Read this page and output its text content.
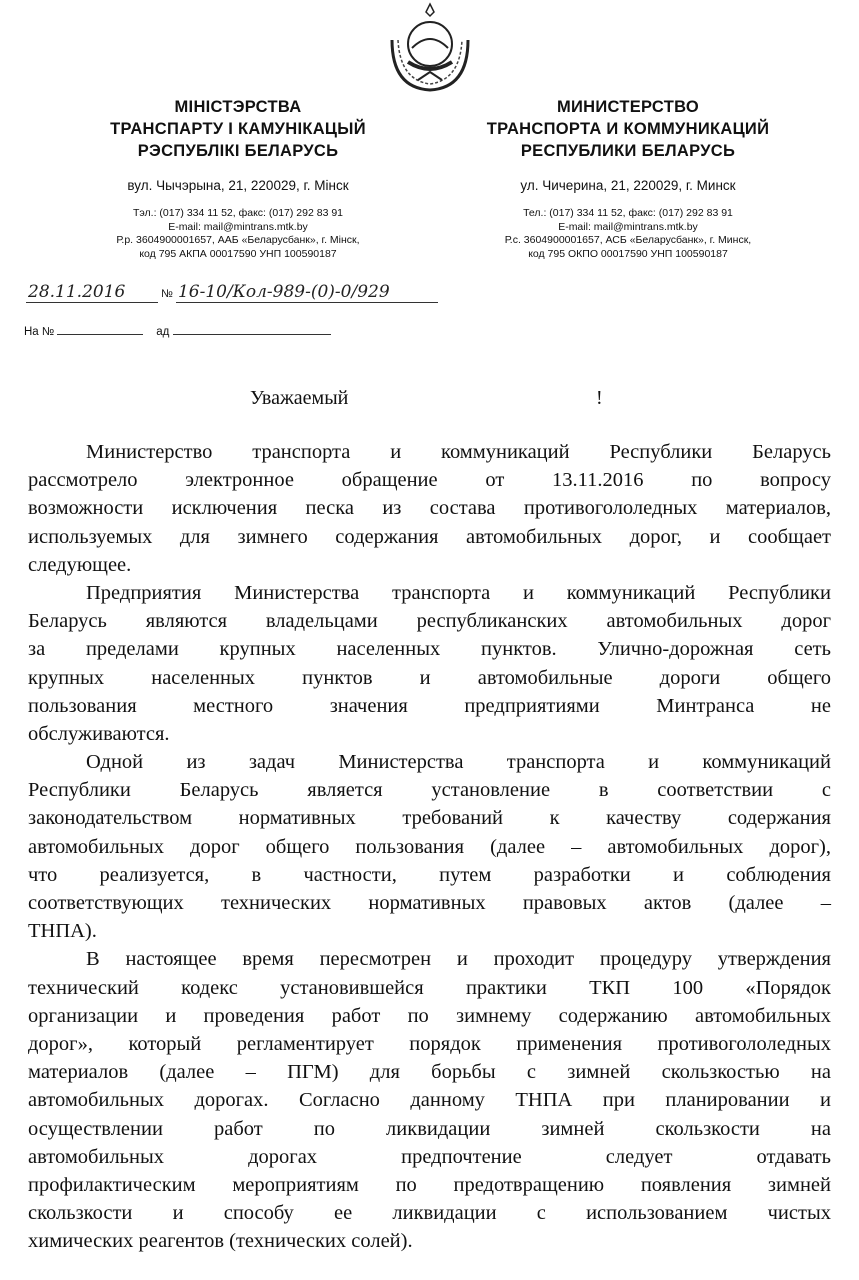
МІНІСТЭРСТВА
ТРАНСПАРТУ І КАМУНІКАЦЫЙ
РЭСПУБЛІКІ БЕЛАРУСЬ
вул. Чычэрына, 21, 220029, г. Мінск
Тэл.: (017) 334 11 52, факс: (017) 292 83 91
E-mail: mail@mintrans.mtk.by
Р.р. 3604900001657, ААБ «Беларусбанк», г. Мінск,
код 795 АКПА 00017590 УНП 100590187
МИНИСТЕРСТВО
ТРАНСПОРТА И КОММУНИКАЦИЙ
РЕСПУБЛИКИ БЕЛАРУСЬ
ул. Чичерина, 21, 220029, г. Минск
Тел.: (017) 334 11 52, факс: (017) 292 83 91
E-mail: mail@mintrans.mtk.by
Р.с. 3604900001657, АСБ «Беларусбанк», г. Минск,
код 795 ОКПО 00017590 УНП 100590187
28.11.2016	№ 16-10/Кол-989-(0)-0/929
На №	ад
Уважаемый	!
Министерство транспорта и коммуникаций Республики Беларусь
рассмотрело электронное обращение от 13.11.2016 по вопросу
возможности исключения песка из состава противогололедных материалов,
используемых для зимнего содержания автомобильных дорог, и сообщает
следующее.
Предприятия Министерства транспорта и коммуникаций Республики
Беларусь являются владельцами республиканских автомобильных дорог
за пределами крупных населенных пунктов. Улично-дорожная сеть
крупных населенных пунктов и автомобильные дороги общего
пользования местного значения предприятиями Минтранса не
обслуживаются.
Одной из задач Министерства транспорта и коммуникаций
Республики Беларусь является установление в соответствии с
законодательством нормативных требований к качеству содержания
автомобильных дорог общего пользования (далее – автомобильных дорог),
что реализуется, в частности, путем разработки и соблюдения
соответствующих технических нормативных правовых актов (далее –
ТНПА).
В настоящее время пересмотрен и проходит процедуру утверждения
технический кодекс установившейся практики ТКП 100 «Порядок
организации и проведения работ по зимнему содержанию автомобильных
дорог», который регламентирует порядок применения противогололедных
материалов (далее – ПГМ) для борьбы с зимней скользкостью на
автомобильных дорогах. Согласно данному ТНПА при планировании и
осуществлении работ по ликвидации зимней скользкости на
автомобильных дорогах предпочтение следует отдавать
профилактическим мероприятиям по предотвращению появления зимней
скользкости и способу ее ликвидации с использованием чистых
химических реагентов (технических солей).
